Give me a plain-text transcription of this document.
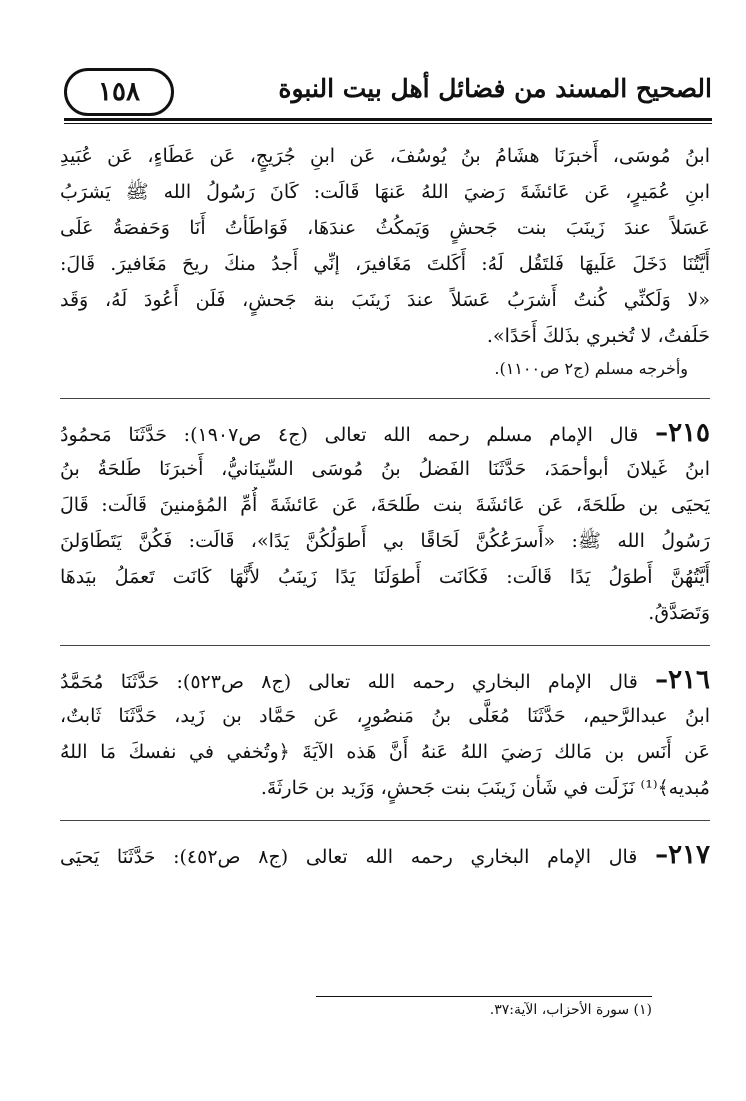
الصحيح المسند من فضائل أهل بيت النبوة
١٥٨
ابنُ مُوسَى، أَخبرَنَا هشَامُ بنُ يُوسُفَ، عَن ابنِ جُرَيجٍ، عَن عَطَاءٍ، عَن عُبَيدِ
ابنِ عُمَيرٍ، عَن عَائشَةَ رَضيَ اللهُ عَنهَا قَالَت: كَانَ رَسُولُ الله ﷺ يَشرَبُ
عَسَلاً عندَ زَينَبَ بنت جَحشٍ وَيَمكُثُ عندَهَا، فَوَاطَأتُ أَنَا وَحَفصَةُ عَلَى
أَيَّتُنَا دَخَلَ عَلَيهَا فَلتَقُل لَهُ: أَكَلتَ مَغَافيرَ، إنِّي أَجدُ منكَ ريحَ مَغَافيرَ. قَالَ:
«لا وَلَكنِّي كُنتُ أَشرَبُ عَسَلاً عندَ زَينَبَ بنة جَحشٍ، فَلَن أَعُودَ لَهُ، وَقَد
حَلَفتُ، لا تُخبري بذَلكَ أَحَدًا».
وأخرجه مسلم (ج٢ ص١١٠٠).
٢١٥– قال الإمام مسلم رحمه الله تعالى (ج٤ ص١٩٠٧): حَدَّثَنَا مَحمُودُ
ابنُ غَيلانَ أبوأحمَدَ، حَدَّثَنَا الفَضلُ بنُ مُوسَى السِّينَانيُّ، أَخبرَنَا طَلحَةُ بنُ
يَحيَى بن طَلحَةَ، عَن عَائشَةَ بنت طَلحَةَ، عَن عَائشَةَ أُمِّ المُؤمنينَ قَالَت: قَالَ
رَسُولُ الله ﷺ: «أَسرَعُكُنَّ لَحَاقًا بي أَطوَلُكُنَّ يَدًا»، قَالَت: فَكُنَّ يَتَطَاوَلنَ
أَيَّتُهُنَّ أَطوَلُ يَدًا قَالَت: فَكَانَت أَطوَلَنَا يَدًا زَينَبُ لأَنَّهَا كَانَت تَعمَلُ بيَدهَا
وَتَصَدَّقُ.
٢١٦– قال الإمام البخاري رحمه الله تعالى (ج٨ ص٥٢٣): حَدَّثَنَا مُحَمَّدُ
ابنُ عبدالرَّحيم، حَدَّثَنَا مُعَلَّى بنُ مَنصُورٍ، عَن حَمَّاد بن زَيد، حَدَّثَنَا ثَابتٌ،
عَن أَنَس بن مَالك رَضيَ اللهُ عَنهُ أَنَّ هَذه الآيَةَ ﴿وتُخفي في نفسكَ مَا اللهُ
مُبديه﴾⁽¹⁾ نَزَلَت في شَأن زَينَبَ بنت جَحشٍ، وَزَيد بن حَارثَةَ.
٢١٧– قال الإمام البخاري رحمه الله تعالى (ج٨ ص٤٥٢): حَدَّثَنَا يَحيَى
(١) سورة الأحزاب، الآية:٣٧.
